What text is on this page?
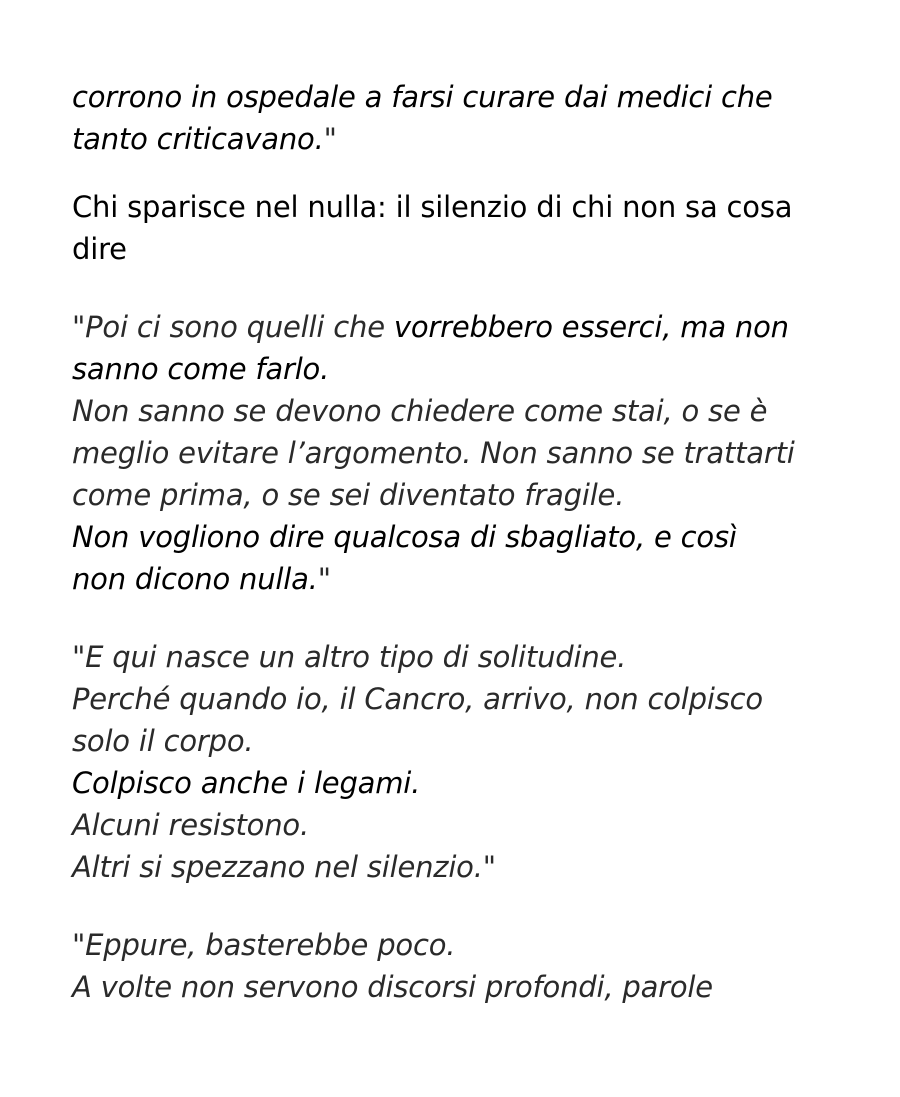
corrono in ospedale a farsi curare dai medici che
tanto criticavano."

Chi sparisce nel nulla: il silenzio di chi non sa cosa
dire

"Poi ci sono quelli che vorrebbero esserci, ma non
sanno come farlo.
Non sanno se devono chiedere come stai, o se è
meglio evitare l’argomento. Non sanno se trattarti
come prima, o se sei diventato fragile.
Non vogliono dire qualcosa di sbagliato, e così
non dicono nulla."

"E qui nasce un altro tipo di solitudine.
Perché quando io, il Cancro, arrivo, non colpisco
solo il corpo.
Colpisco anche i legami.
Alcuni resistono.
Altri si spezzano nel silenzio."

"Eppure, basterebbe poco.
A volte non servono discorsi profondi, parole
